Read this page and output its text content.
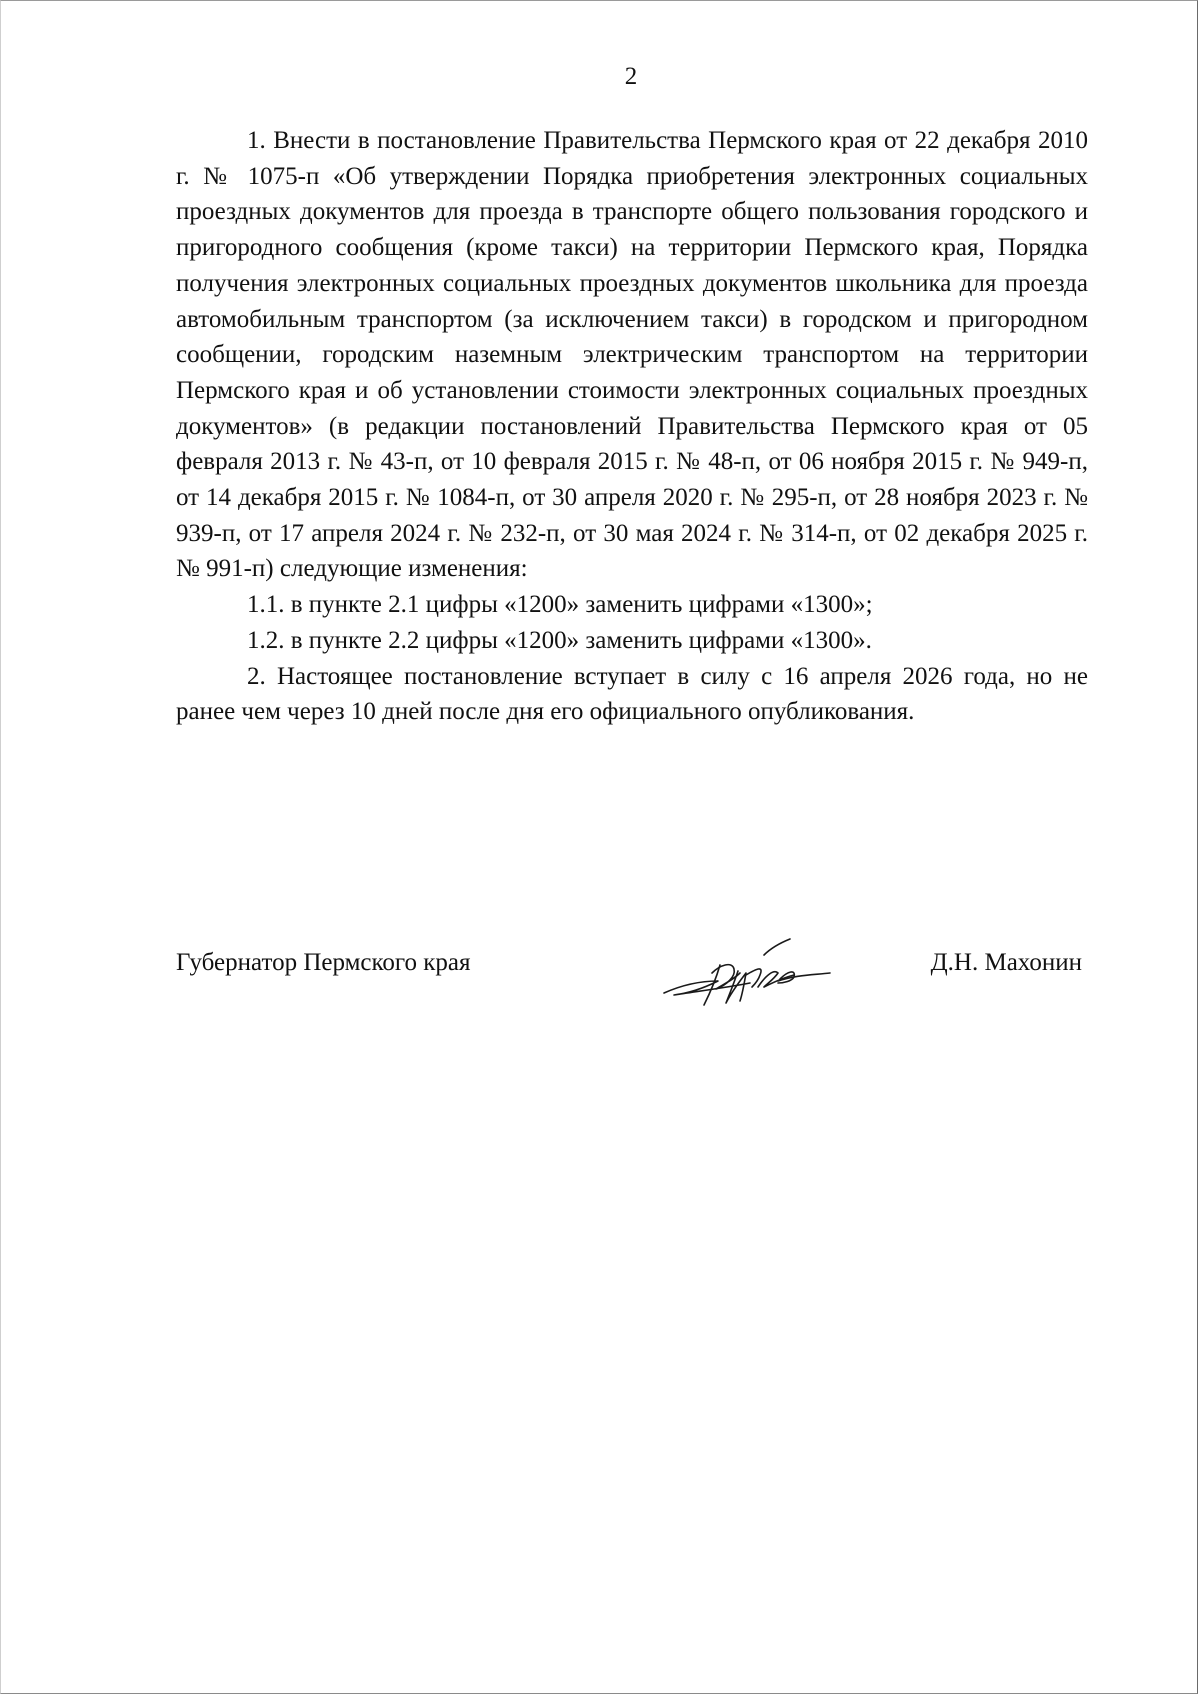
2

1. Внести в постановление Правительства Пермского края от 22 декабря 2010 г. № 1075-п «Об утверждении Порядка приобретения электронных социальных проездных документов для проезда в транспорте общего пользования городского и пригородного сообщения (кроме такси) на территории Пермского края, Порядка получения электронных социальных проездных документов школьника для проезда автомобильным транспортом (за исключением такси) в городском и пригородном сообщении, городским наземным электрическим транспортом на территории Пермского края и об установлении стоимости электронных социальных проездных документов» (в редакции постановлений Правительства Пермского края от 05 февраля 2013 г. № 43-п, от 10 февраля 2015 г. № 48-п, от 06 ноября 2015 г. № 949-п, от 14 декабря 2015 г. № 1084-п, от 30 апреля 2020 г. № 295-п, от 28 ноября 2023 г. № 939-п, от 17 апреля 2024 г. № 232-п, от 30 мая 2024 г. № 314-п, от 02 декабря 2025 г. № 991-п) следующие изменения:

1.1. в пункте 2.1 цифры «1200» заменить цифрами «1300»;

1.2. в пункте 2.2 цифры «1200» заменить цифрами «1300».

2. Настоящее постановление вступает в силу с 16 апреля 2026 года, но не ранее чем через 10 дней после дня его официального опубликования.

Губернатор Пермского края	Д.Н. Махонин
